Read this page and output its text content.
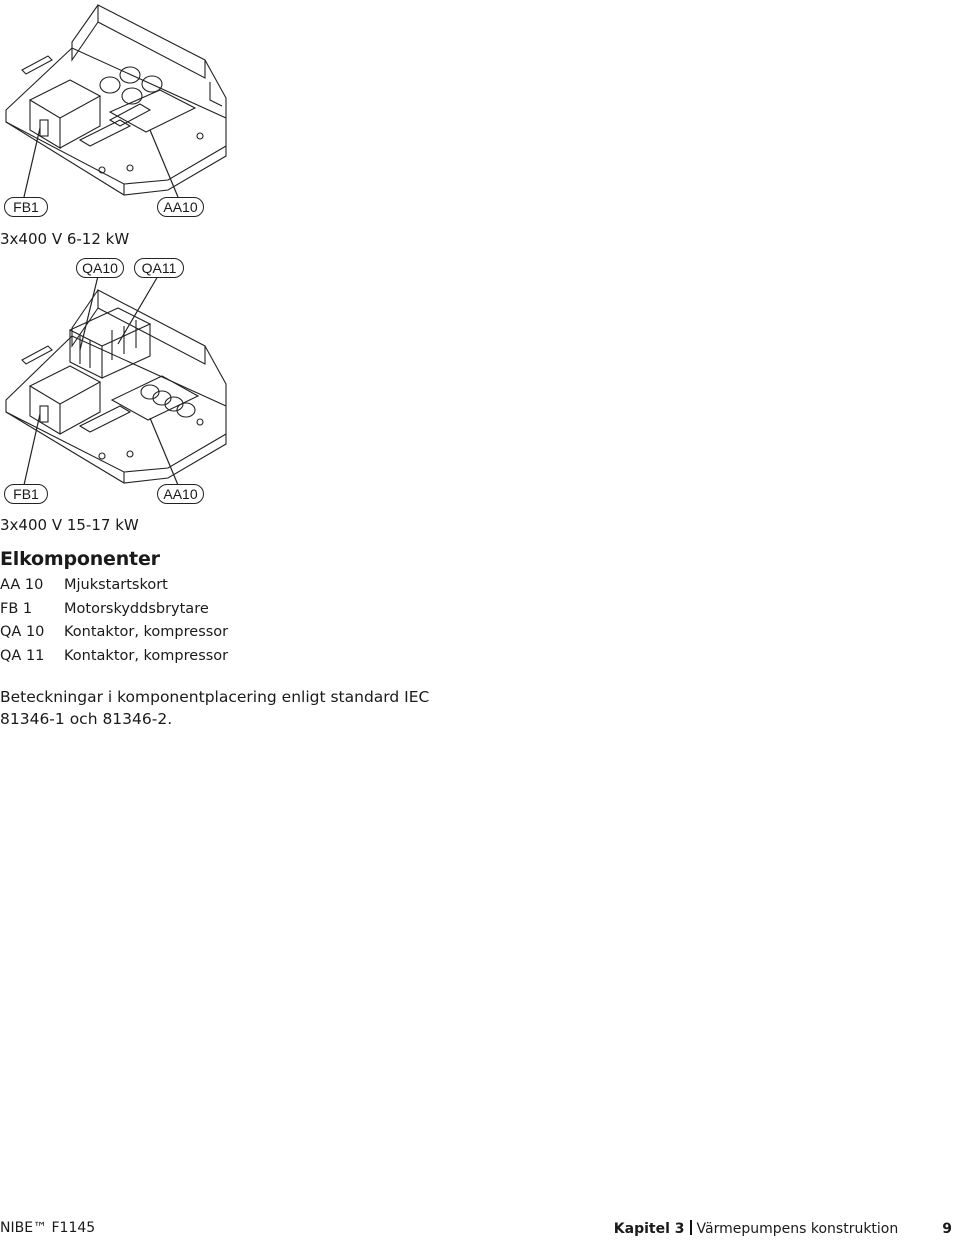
FB1	AA10
3x400 V 6-12 kW
QA10	QA11
FB1	AA10
3x400 V 15-17 kW
Elkomponenter
AA 10 Mjukstartskort
FB 1 Motorskyddsbrytare
QA 10 Kontaktor, kompressor
QA 11 Kontaktor, kompressor
Beteckningar i komponentplacering enligt standard IEC 81346-1 och 81346-2.
NIBE™ F1145	Kapitel 3 Värmepumpens konstruktion	9
